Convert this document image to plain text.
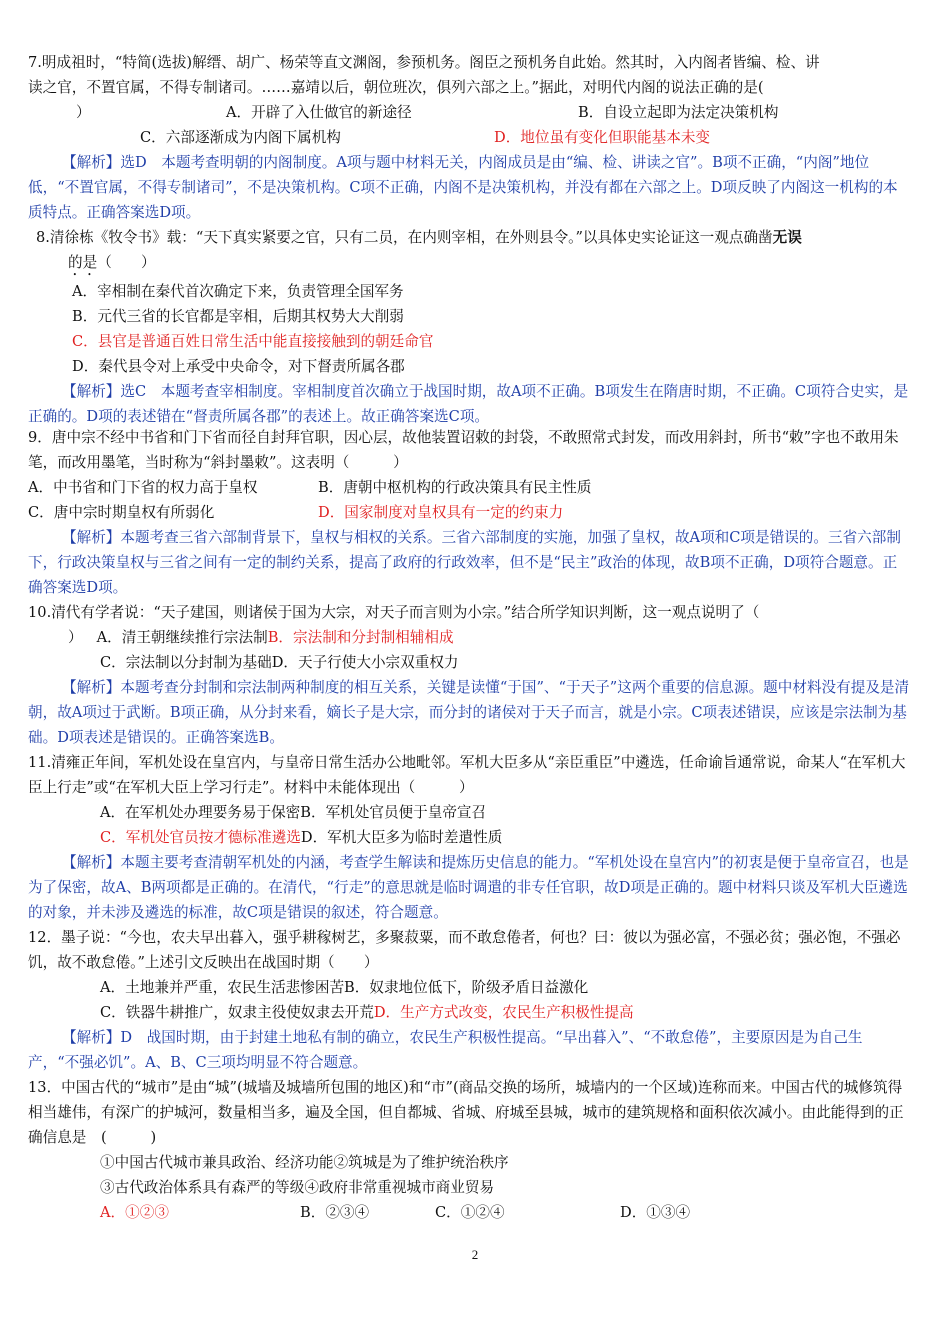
7.明成祖时，“特简(选拔)解缙、胡广、杨荣等直文渊阁，参预机务。阁臣之预机务自此始。然其时，入内阁者皆编、检、讲

读之官，不置官属，不得专制诸司。……嘉靖以后，朝位班次，俱列六部之上。”据此，对明代内阁的说法正确的是(

）	A．开辟了入仕做官的新途径	B．自设立起即为法定决策机构
C．六部逐渐成为内阁下属机构	D．地位虽有变化但职能基本未变

【解析】选D　本题考查明朝的内阁制度。A项与题中材料无关，内阁成员是由“编、检、讲读之官”。B项不正确，“内阁”地位低，“不置官属，不得专制诸司”，不是决策机构。C项不正确，内阁不是决策机构，并没有都在六部之上。D项反映了内阁这一机构的本质特点。正确答案选D项。

8.清徐栋《牧令书》载：“天下真实紧要之官，只有二员，在内则宰相，在外则县令。”以具体史实论证这一观点确凿无误

的是（　　）

A．宰相制在秦代首次确定下来，负责管理全国军务

B．元代三省的长官都是宰相，后期其权势大大削弱

C．县官是普通百姓日常生活中能直接接触到的朝廷命官

D．秦代县令对上承受中央命令，对下督责所属各郡

【解析】选C　本题考查宰相制度。宰相制度首次确立于战国时期，故A项不正确。B项发生在隋唐时期，不正确。C项符合史实，是正确的。D项的表述错在“督责所属各郡”的表述上。故正确答案选C项。

9．唐中宗不经中书省和门下省而径自封拜官职，因心层，故他装置诏敕的封袋，不敢照常式封发，而改用斜封，所书“敕”字也不敢用朱笔，而改用墨笔，当时称为“斜封墨敕”。这表明（　　　）

A．中书省和门下省的权力高于皇权	B．唐朝中枢机构的行政决策具有民主性质
C．唐中宗时期皇权有所弱化	D．国家制度对皇权具有一定的约束力

【解析】本题考查三省六部制背景下，皇权与相权的关系。三省六部制度的实施，加强了皇权，故A项和C项是错误的。三省六部制下，行政决策皇权与三省之间有一定的制约关系，提高了政府的行政效率，但不是“民主”政治的体现，故B项不正确，D项符合题意。正确答案选D项。

10.清代有学者说：“天子建国，则诸侯于国为大宗，对天子而言则为小宗。”结合所学知识判断，这一观点说明了（

） A．清王朝继续推行宗法制 B．宗法制和分封制相辅相成
C．宗法制以分封制为基础 D．天子行使大小宗双重权力

【解析】本题考查分封制和宗法制两种制度的相互关系，关键是读懂“于国”、“于天子”这两个重要的信息源。题中材料没有提及是清朝，故A项过于武断。B项正确，从分封来看，嫡长子是大宗，而分封的诸侯对于天子而言，就是小宗。C项表述错误，应该是宗法制为基础。D项表述是错误的。正确答案选B。

11.清雍正年间，军机处设在皇宫内，与皇帝日常生活办公地毗邻。军机大臣多从“亲臣重臣”中遴选，任命谕旨通常说，命某人“在军机大臣上行走”或“在军机大臣上学习行走”。材料中未能体现出（　　　）

A．在军机处办理要务易于保密 B．军机处官员便于皇帝宣召
C．军机处官员按才德标准遴选 D．军机大臣多为临时差遣性质

【解析】本题主要考查清朝军机处的内涵，考查学生解读和提炼历史信息的能力。“军机处设在皇宫内”的初衷是便于皇帝宣召，也是为了保密，故A、B两项都是正确的。在清代，“行走”的意思就是临时调遣的非专任官职，故D项是正确的。题中材料只谈及军机大臣遴选的对象，并未涉及遴选的标准，故C项是错误的叙述，符合题意。

12．墨子说：“今也，农夫早出暮入，强乎耕稼树艺，多聚菽粟，而不敢怠倦者，何也？曰：彼以为强必富，不强必贫；强必饱，不强必饥，故不敢怠倦。”上述引文反映出在战国时期（　　）

A．土地兼并严重，农民生活悲惨困苦 B．奴隶地位低下，阶级矛盾日益激化
C．铁器牛耕推广，奴隶主役使奴隶去开荒 D．生产方式改变，农民生产积极性提高

【解析】D　战国时期，由于封建土地私有制的确立，农民生产积极性提高。“早出暮入”、“不敢怠倦”，主要原因是为自己生产，“不强必饥”。A、B、C三项均明显不符合题意。

13．中国古代的“城市”是由“城”(城墙及城墙所包围的地区)和“市”(商品交换的场所，城墙内的一个区域)连称而来。中国古代的城修筑得相当雄伟，有深广的护城河，数量相当多，遍及全国，但自都城、省城、府城至县城，城市的建筑规格和面积依次减小。由此能得到的正确信息是　(　　　)

①中国古代城市兼具政治、经济功能②筑城是为了维护统治秩序

③古代政治体系具有森严的等级④政府非常重视城市商业贸易

A．①②③	B．②③④	C．①②④	D．①③④
2
